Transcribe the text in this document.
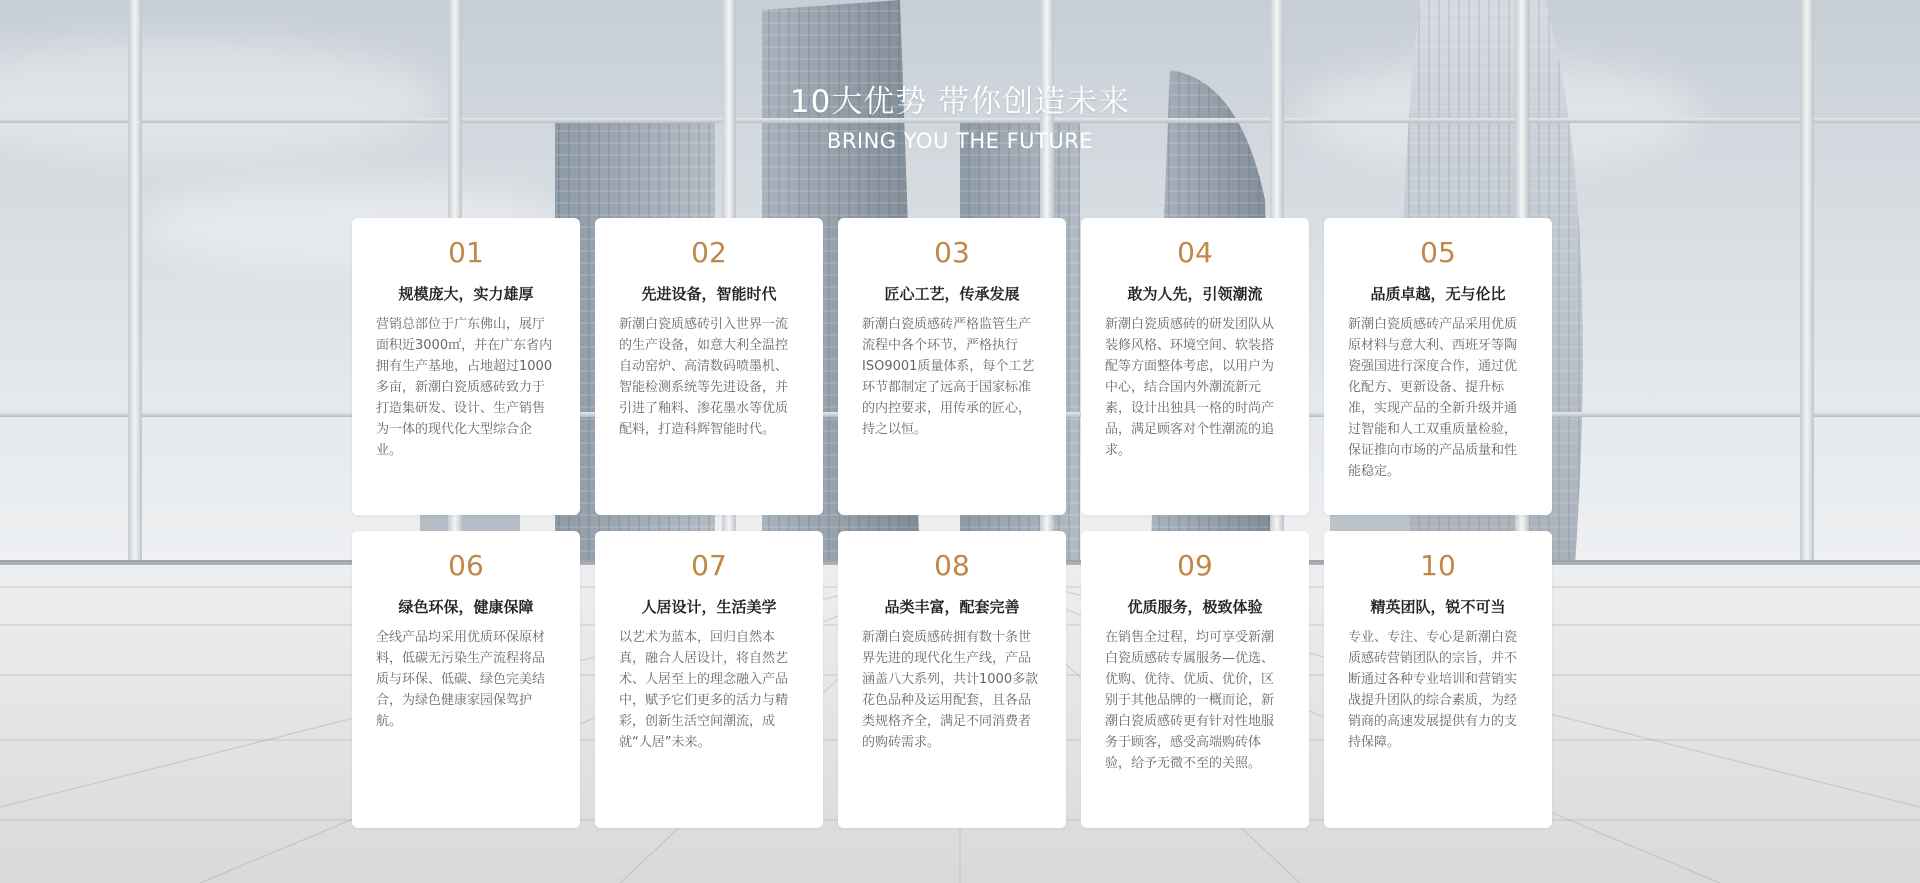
10大优势 带你创造未来
BRING YOU THE FUTURE
01
规模庞大，实力雄厚
营销总部位于广东佛山，展厅面积近3000㎡，并在广东省内拥有生产基地，占地超过1000多亩，新潮白瓷质感砖致力于打造集研发、设计、生产销售为一体的现代化大型综合企业。
02
先进设备，智能时代
新潮白瓷质感砖引入世界一流的生产设备，如意大利全温控自动窑炉、高清数码喷墨机、智能检测系统等先进设备，并引进了釉料、渗花墨水等优质配料，打造科辉智能时代。
03
匠心工艺，传承发展
新潮白瓷质感砖严格监管生产流程中各个环节，严格执行ISO9001质量体系，每个工艺环节都制定了远高于国家标准的内控要求，用传承的匠心，持之以恒。
04
敢为人先，引领潮流
新潮白瓷质感砖的研发团队从装修风格、环境空间、软装搭配等方面整体考虑，以用户为中心，结合国内外潮流新元素，设计出独具一格的时尚产品，满足顾客对个性潮流的追求。
05
品质卓越，无与伦比
新潮白瓷质感砖产品采用优质原材料与意大利、西班牙等陶瓷强国进行深度合作，通过优化配方、更新设备、提升标准，实现产品的全新升级并通过智能和人工双重质量检验，保证推向市场的产品质量和性能稳定。
06
绿色环保，健康保障
全线产品均采用优质环保原材料，低碳无污染生产流程将品质与环保、低碳、绿色完美结合，为绿色健康家园保驾护航。
07
人居设计，生活美学
以艺术为蓝本，回归自然本真，融合人居设计，将自然艺术、人居至上的理念融入产品中，赋予它们更多的活力与精彩，创新生活空间潮流，成就“人居”未来。
08
品类丰富，配套完善
新潮白瓷质感砖拥有数十条世界先进的现代化生产线，产品涵盖八大系列，共计1000多款花色品种及运用配套，且各品类规格齐全，满足不同消费者的购砖需求。
09
优质服务，极致体验
在销售全过程，均可享受新潮白瓷质感砖专属服务—优选、优购、优待、优质、优价，区别于其他品牌的一概而论，新潮白瓷质感砖更有针对性地服务于顾客，感受高端购砖体验，给予无微不至的关照。
10
精英团队，锐不可当
专业、专注、专心是新潮白瓷质感砖营销团队的宗旨，并不断通过各种专业培训和营销实战提升团队的综合素质，为经销商的高速发展提供有力的支持保障。
